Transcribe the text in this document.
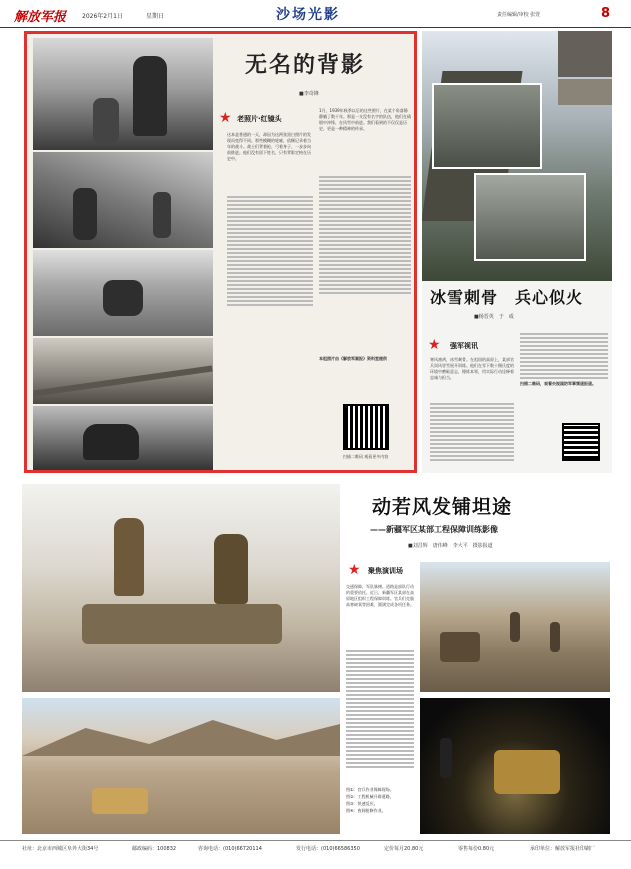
解放军报	2026年2月1日	星期日	沙场光影	责任编辑/审校 张萱	8
无名的背影
■李奇锋
★ 老照片·红镜头
这本是普通的一天，却因为这两张黑白照片的发现而变得不同。那些模糊的轮廓，依稀记录着当年的战斗。战士们背着枪、弓着身子、一步步向前推进。他们没有留下姓名，只有背影定格在历史中。
1月，1939年秋季以后的这些照片，在某个角落静静躺了数十年。那是一支没有名字的队伍，他们在硝烟中冲锋，在风雪中前进。我们看到的不仅仅是历史，更是一种精神的传承。
本组照片由《解放军画报》资料室提供
扫描二维码 观看更多内容
冰雪刺骨　兵心似火
■杨晋英　于　成
★ 强军视讯
寒风凛冽，冰雪刺骨。在祖国的高原上，某部官兵顶风冒雪展开训练。他们在零下数十摄氏度的环境中磨砺意志，锤炼本领，用实际行动诠释着忠诚与担当。
扫描二维码，观看央视国防军事频道报道。
动若风发铺坦途
——新疆军区某部工程保障训练影像
■刘昌辉　唐伟峰　李大平　摄影报道
★ 聚焦演训场
交通保障，军队脉搏。道路是部队行动的重要依托。近日，新疆军区某部在高原地区组织工程保障训练。官兵们克服高寒缺氧等困难，圆满完成各项任务。
图①：官兵作业保障现场。
图②：工程机械开辟道路。
图③：快速反应。
图④：夜间抢修作业。
社址：北京市西城区阜外大街34号	邮政编码：100832	咨询电话：(010)66720114	发行电话：(010)66586350	定价每月20.80元	零售每份0.80元	承印单位：解放军报社印刷厂
